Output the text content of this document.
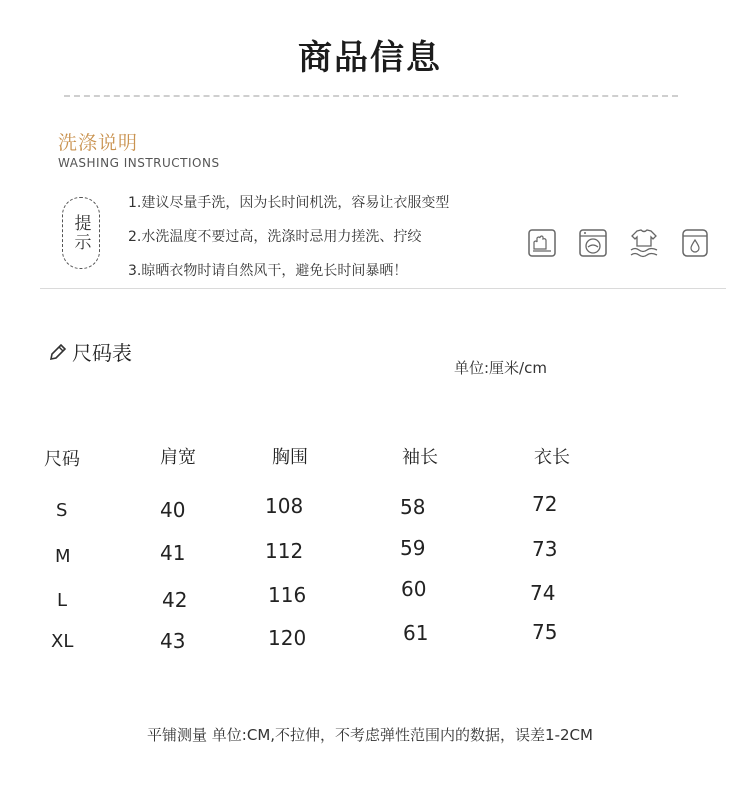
商品信息
洗涤说明
WASHING INSTRUCTIONS
提示
1.建议尽量手洗，因为长时间机洗，容易让衣服变型
2.水洗温度不要过高，洗涤时忌用力搓洗、拧绞
3.晾晒衣物时请自然风干，避免长时间暴晒！
尺码表
单位:厘米/cm
尺码	肩宽	胸围	袖长	衣长
S	40	108	58	72
M	41	112	59	73
L	42	116	60	74
XL	43	120	61	75
平铺测量 单位:CM,不拉伸，不考虑弹性范围内的数据，误差1-2CM
